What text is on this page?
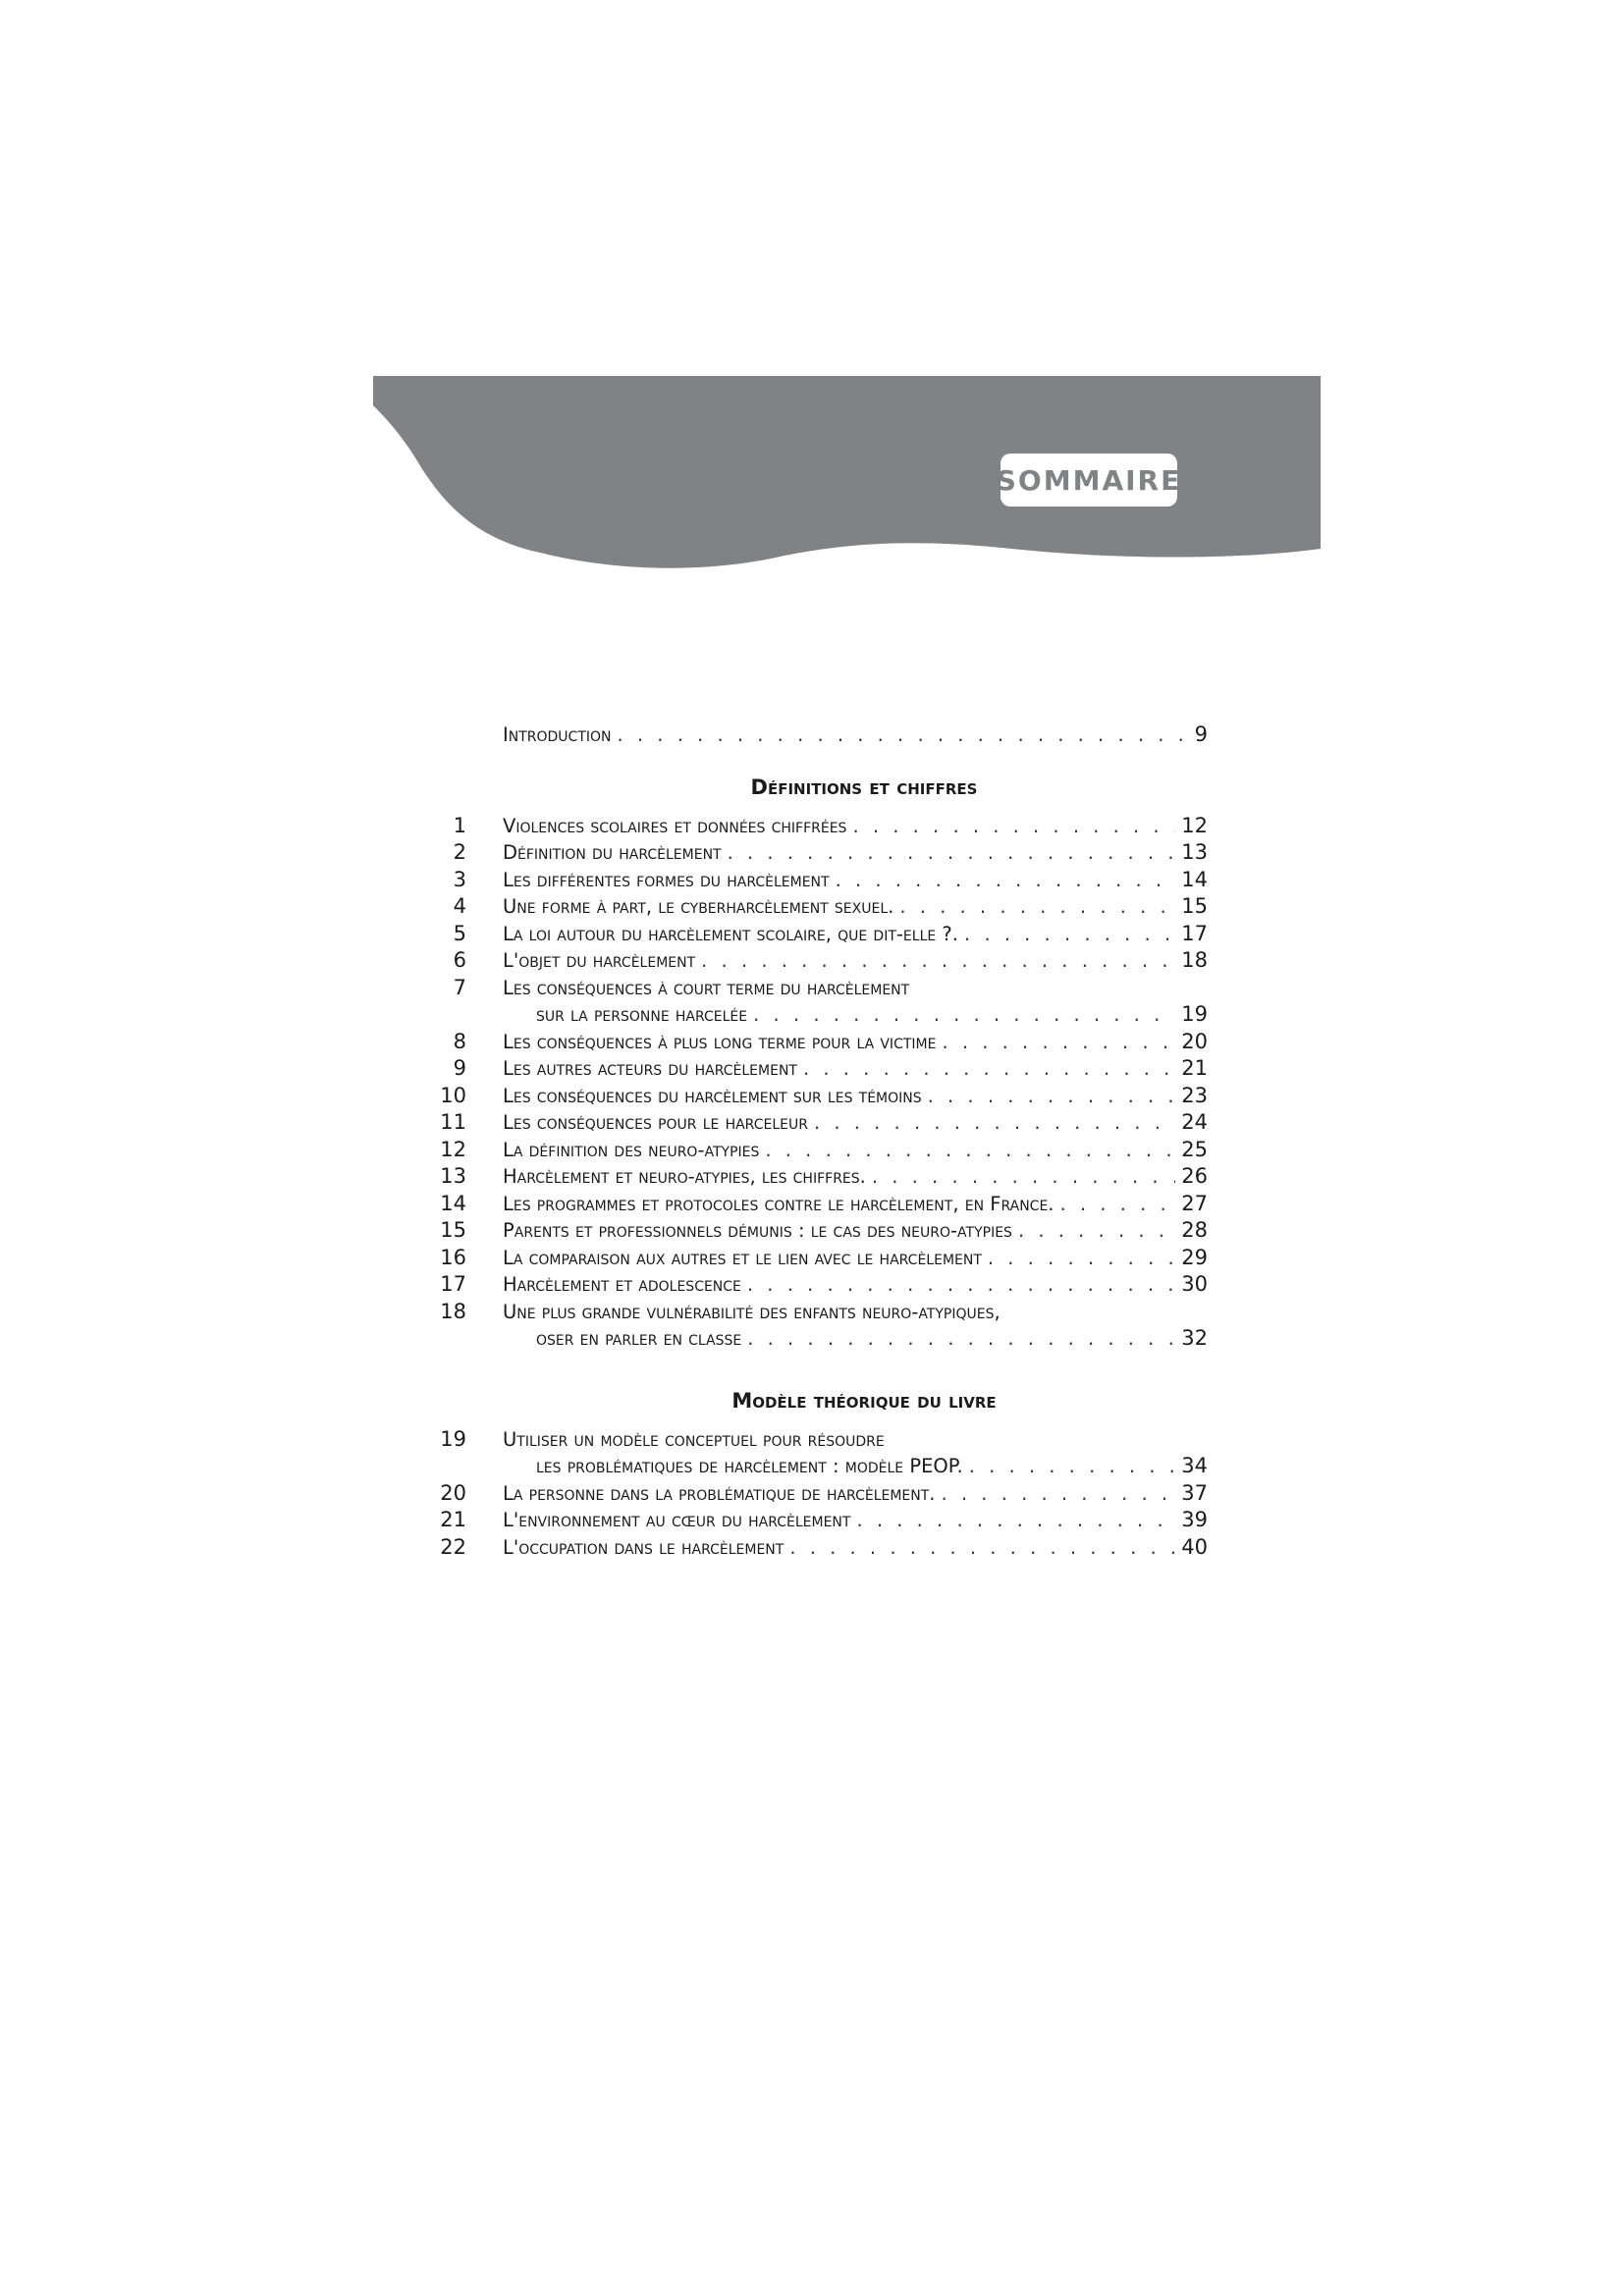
SOMMAIRE
Introduction . . .	9
Définitions et chiffres
1 Violences scolaires et données chiffrées . . .	12
2 Définition du harcèlement . . .	13
3 Les différentes formes du harcèlement . . .	14
4 Une forme à part, le cyberharcèlement sexuel. . . .	15
5 La loi autour du harcèlement scolaire, que dit-elle ?. . . .	17
6 L'objet du harcèlement . . .	18
7 Les conséquences à court terme du harcèlement
sur la personne harcelée . . .	19
8 Les conséquences à plus long terme pour la victime . . .	20
9 Les autres acteurs du harcèlement . . .	21
10 Les conséquences du harcèlement sur les témoins . . .	23
11 Les conséquences pour le harceleur . . .	24
12 La définition des neuro-atypies . . .	25
13 Harcèlement et neuro-atypies, les chiffres. . . .	26
14 Les programmes et protocoles contre le harcèlement, en France. . . .	27
15 Parents et professionnels démunis : le cas des neuro-atypies . . .	28
16 La comparaison aux autres et le lien avec le harcèlement . . .	29
17 Harcèlement et adolescence . . .	30
18 Une plus grande vulnérabilité des enfants neuro-atypiques,
oser en parler en classe . . .	32
Modèle théorique du livre
19 Utiliser un modèle conceptuel pour résoudre
les problématiques de harcèlement : modèle PEOP. . . .	34
20 La personne dans la problématique de harcèlement. . . .	37
21 L'environnement au cœur du harcèlement . . .	39
22 L'occupation dans le harcèlement . . .	40
